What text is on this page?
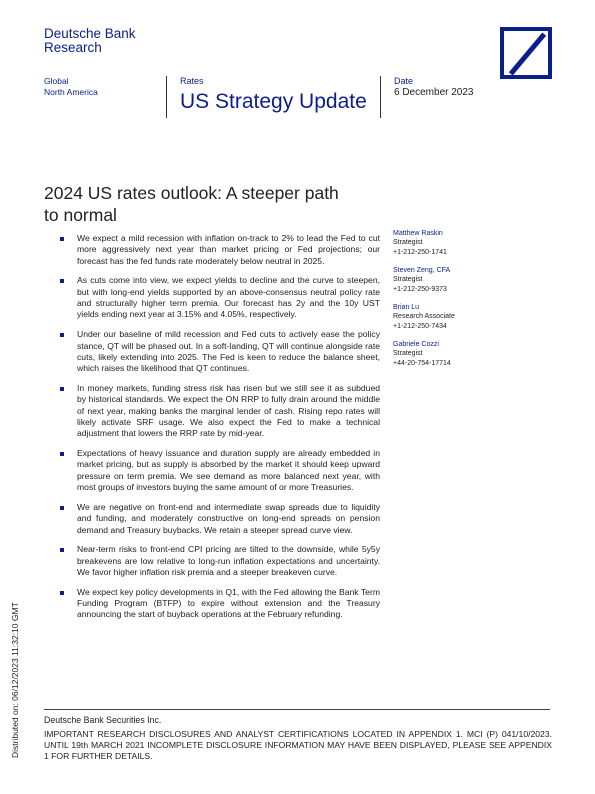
Deutsche Bank
Research
Global
North America
Rates
US Strategy Update
Date
6 December 2023
2024 US rates outlook: A steeper path
to normal
We expect a mild recession with inflation on-track to 2% to lead the Fed to cut more aggressively next year than market pricing or Fed projections; our forecast has the fed funds rate moderately below neutral in 2025.
As cuts come into view, we expect yields to decline and the curve to steepen, but with long-end yields supported by an above-consensus neutral policy rate and structurally higher term premia. Our forecast has 2y and the 10y UST yields ending next year at 3.15% and 4.05%, respectively.
Under our baseline of mild recession and Fed cuts to actively ease the policy stance, QT will be phased out. In a soft-landing, QT will continue alongside rate cuts, likely extending into 2025. The Fed is keen to reduce the balance sheet, which raises the likelihood that QT continues.
In money markets, funding stress risk has risen but we still see it as subdued by historical standards. We expect the ON RRP to fully drain around the middle of next year, making banks the marginal lender of cash. Rising repo rates will likely activate SRF usage. We also expect the Fed to make a technical adjustment that lowers the RRP rate by mid-year.
Expectations of heavy issuance and duration supply are already embedded in market pricing, but as supply is absorbed by the market it should keep upward pressure on term premia. We see demand as more balanced next year, with most groups of investors buying the same amount of or more Treasuries.
We are negative on front-end and intermediate swap spreads due to liquidity and funding, and moderately constructive on long-end spreads on pension demand and Treasury buybacks. We retain a steeper spread curve view.
Near-term risks to front-end CPI pricing are tilted to the downside, while 5y5y breakevens are low relative to long-run inflation expectations and uncertainty. We favor higher inflation risk premia and a steeper breakeven curve.
We expect key policy developments in Q1, with the Fed allowing the Bank Term Funding Program (BTFP) to expire without extension and the Treasury announcing the start of buyback operations at the February refunding.
Matthew Raskin
Strategist
+1-212-250-1741
Steven Zeng, CFA
Strategist
+1-212-250-9373
Brian Lu
Research Associate
+1-212-250-7434
Gabriele Cozzi
Strategist
+44-20-754-17714
Distributed on: 06/12/2023 11:32:10 GMT	Deutsche Bank Securities Inc.
IMPORTANT RESEARCH DISCLOSURES AND ANALYST CERTIFICATIONS LOCATED IN APPENDIX 1. MCI (P) 041/10/2023. UNTIL 19th MARCH 2021 INCOMPLETE DISCLOSURE INFORMATION MAY HAVE BEEN DISPLAYED, PLEASE SEE APPENDIX 1 FOR FURTHER DETAILS.
